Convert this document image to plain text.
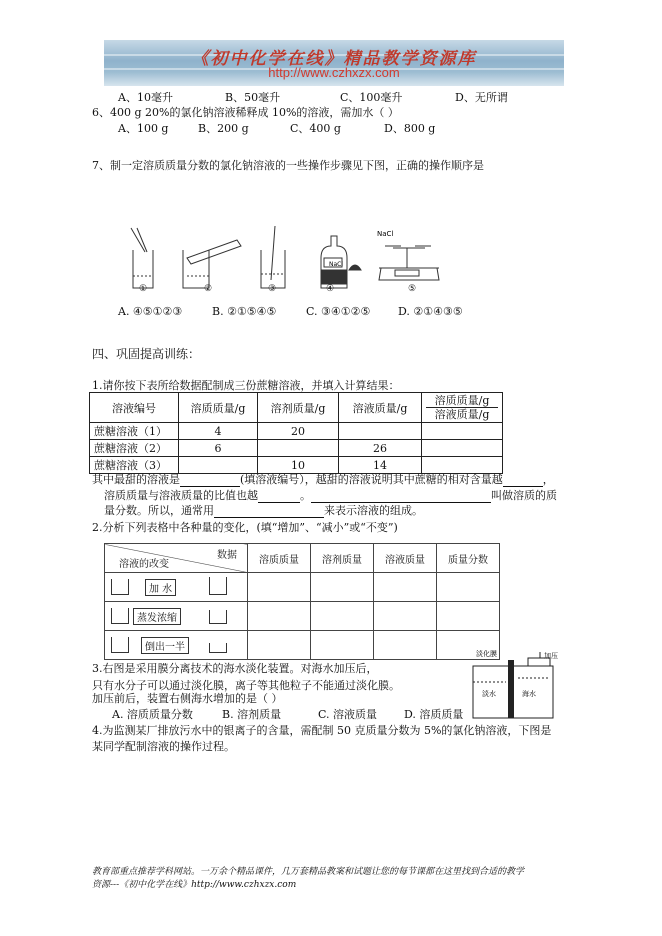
《初中化学在线》精品教学资源库
http://www.czhxzx.com
A、10毫升	B、50毫升	C、100毫升	D、无所谓
6、400 g 20%的氯化钠溶液稀释成 10%的溶液，需加水（ ）
A、100 g	B、200 g	C、400 g	D、800 g
7、制一定溶质质量分数的氯化钠溶液的一些操作步骤见下图，正确的操作顺序是
NaCl
NaCl
①	②	③	④	⑤
A. ④⑤①②③	B. ②①⑤④⑤	C. ③④①②⑤	D. ②①④③⑤
四、巩固提高训练：
1.请你按下表所给数据配制成三份蔗糖溶液，并填入计算结果：
溶液编号	溶质质量/g	溶剂质量/g	溶液质量/g	溶质质量/g
溶液质量/g

蔗糖溶液（1）	4	20		
蔗糖溶液（2）	6		26	
蔗糖溶液（3）		10	14	
其中最甜的溶液是	(填溶液编号），越甜的溶液说明其中蔗糖的相对含量越	，
溶质质量与溶液质量的比值也越	。	叫做溶质的质
量分数。所以，通常用	来表示溶液的组成。
2.分析下列表格中各种量的变化，(填“增加”、“减小”或“不变”)
数据
溶液的改变	溶质质量	溶剂质量	溶液质量	质量分数

加 水				

蒸发浓缩				

倒出一半				

3.右图是采用膜分离技术的海水淡化装置。对海水加压后，
只有水分子可以通过淡化膜，离子等其他粒子不能通过淡化膜。
加压前后，装置右侧海水增加的是（ ）
A. 溶质质量分数	B. 溶剂质量	C. 溶液质量 D. 溶质质量
淡化膜	加压
淡水	海水
4.为监测某厂排放污水中的银离子的含量，需配制 50 克质量分数为 5%的氯化钠溶液，下图是
某同学配制溶液的操作过程。
教育部重点推荐学科网站。一万余个精品课件，几万套精品教案和试题让您的每节课都在这里找到合适的教学
资源---《初中化学在线》http://www.czhxzx.com
